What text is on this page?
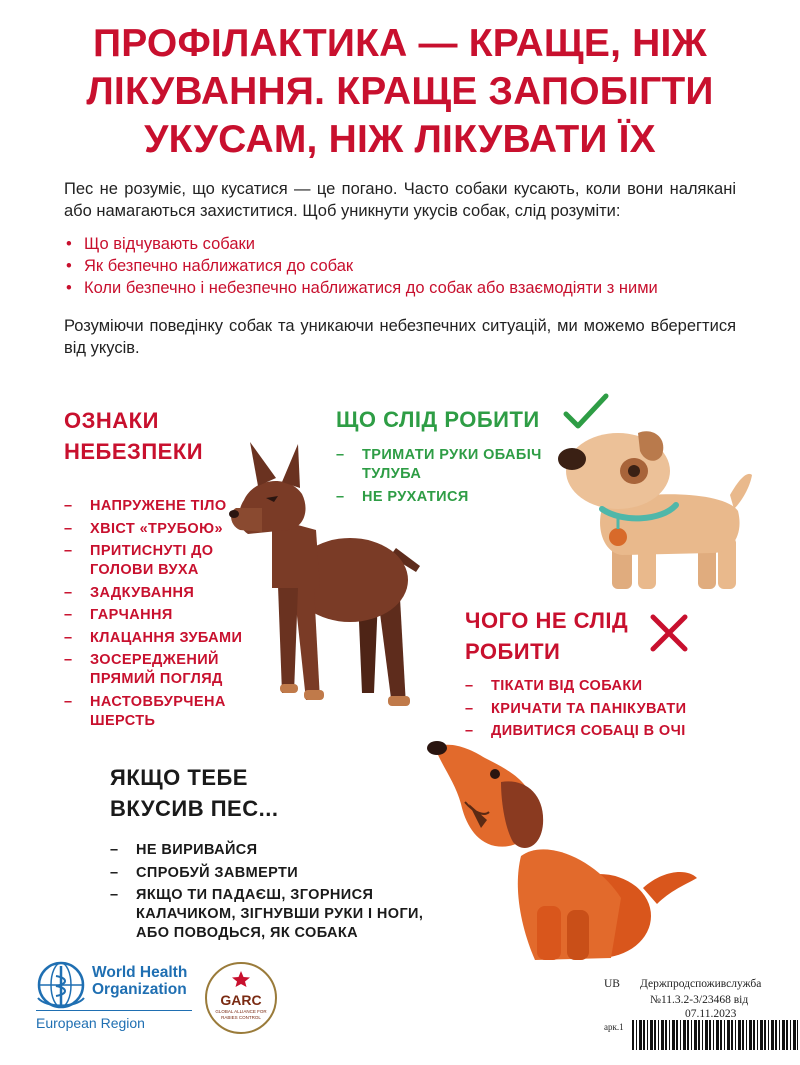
ПРОФІЛАКТИКА — КРАЩЕ, НІЖ
ЛІКУВАННЯ. КРАЩЕ ЗАПОБІГТИ
УКУСАМ, НІЖ ЛІКУВАТИ ЇХ
Пес не розуміє, що кусатися — це погано. Часто собаки кусають, коли вони налякані або намагаються захиститися. Щоб уникнути укусів собак, слід розуміти:
• Що відчувають собаки
• Як безпечно наближатися до собак
• Коли безпечно і небезпечно наближатися до собак або взаємодіяти з ними
Розуміючи поведінку собак та уникаючи небезпечних ситуацій, ми можемо вберегтися від укусів.
ОЗНАКИ
НЕБЕЗПЕКИ
– НАПРУЖЕНЕ ТІЛО
– ХВІСТ «ТРУБОЮ»
– ПРИТИСНУТІ ДО ГОЛОВИ ВУХА
– ЗАДКУВАННЯ
– ГАРЧАННЯ
– КЛАЦАННЯ ЗУБАМИ
– ЗОСЕРЕДЖЕНИЙ ПРЯМИЙ ПОГЛЯД
– НАСТОВБУРЧЕНА ШЕРСТЬ
ЩО СЛІД РОБИТИ
– ТРИМАТИ РУКИ ОБАБІЧ ТУЛУБА
– НЕ РУХАТИСЯ
ЧОГО НЕ СЛІД
РОБИТИ
– ТІКАТИ ВІД СОБАКИ
– КРИЧАТИ ТА ПАНІКУВАТИ
– ДИВИТИСЯ СОБАЦІ В ОЧІ
ЯКЩО ТЕБЕ
ВКУСИВ ПЕС...
– НЕ ВИРИВАЙСЯ
– СПРОБУЙ ЗАВМЕРТИ
– ЯКЩО ТИ ПАДАЄШ, ЗГОРНИСЯ КАЛАЧИКОМ, ЗІГНУВШИ РУКИ І НОГИ, АБО ПОВОДЬСЯ, ЯК СОБАКА
World Health
Organization
European Region
GARC
GLOBAL ALLIANCE FOR RABIES CONTROL
UB Держпродспоживслужба
№11.3.2-3/23468 від
07.11.2023
арк.1
